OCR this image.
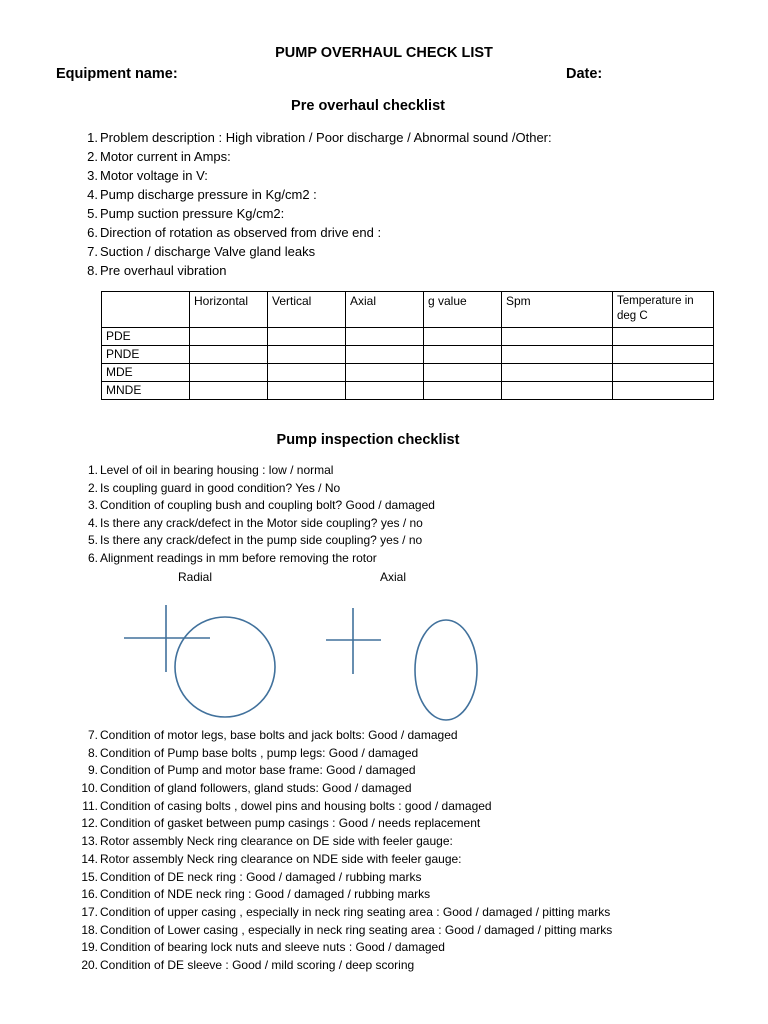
PUMP OVERHAUL CHECK LIST
Equipment name:	Date:
Pre overhaul checklist
1. Problem description : High vibration / Poor discharge / Abnormal sound /Other:
2. Motor current in Amps:
3. Motor voltage in V:
4. Pump discharge pressure in Kg/cm2 :
5. Pump suction pressure Kg/cm2:
6. Direction of rotation as observed from drive end :
7. Suction / discharge Valve gland leaks
8. Pre overhaul vibration
	Horizontal	Vertical	Axial	g value	Spm	Temperature in deg C
PDE						
PNDE						
MDE						
MNDE						
Pump inspection checklist
1. Level of oil in bearing housing : low / normal
2. Is coupling guard in good condition? Yes / No
3. Condition of coupling bush and coupling bolt? Good / damaged
4. Is there any crack/defect in the Motor side coupling? yes / no
5. Is there any crack/defect in the pump side coupling? yes / no
6. Alignment readings in mm before removing the rotor
Radial	Axial
7. Condition of motor legs, base bolts and jack bolts: Good / damaged
8. Condition of Pump base bolts , pump legs: Good / damaged
9. Condition of Pump and motor base frame: Good / damaged
10. Condition of gland followers, gland studs: Good / damaged
11. Condition of casing bolts , dowel pins and housing bolts : good / damaged
12. Condition of gasket between pump casings : Good / needs replacement
13. Rotor assembly Neck ring clearance on DE side with feeler gauge:
14. Rotor assembly Neck ring clearance on NDE side with feeler gauge:
15. Condition of DE neck ring : Good / damaged / rubbing marks
16. Condition of NDE neck ring : Good / damaged / rubbing marks
17. Condition of upper casing , especially in neck ring seating area : Good / damaged / pitting marks
18. Condition of Lower casing , especially in neck ring seating area : Good / damaged / pitting marks
19. Condition of bearing lock nuts and sleeve nuts : Good / damaged
20. Condition of DE sleeve : Good / mild scoring / deep scoring
